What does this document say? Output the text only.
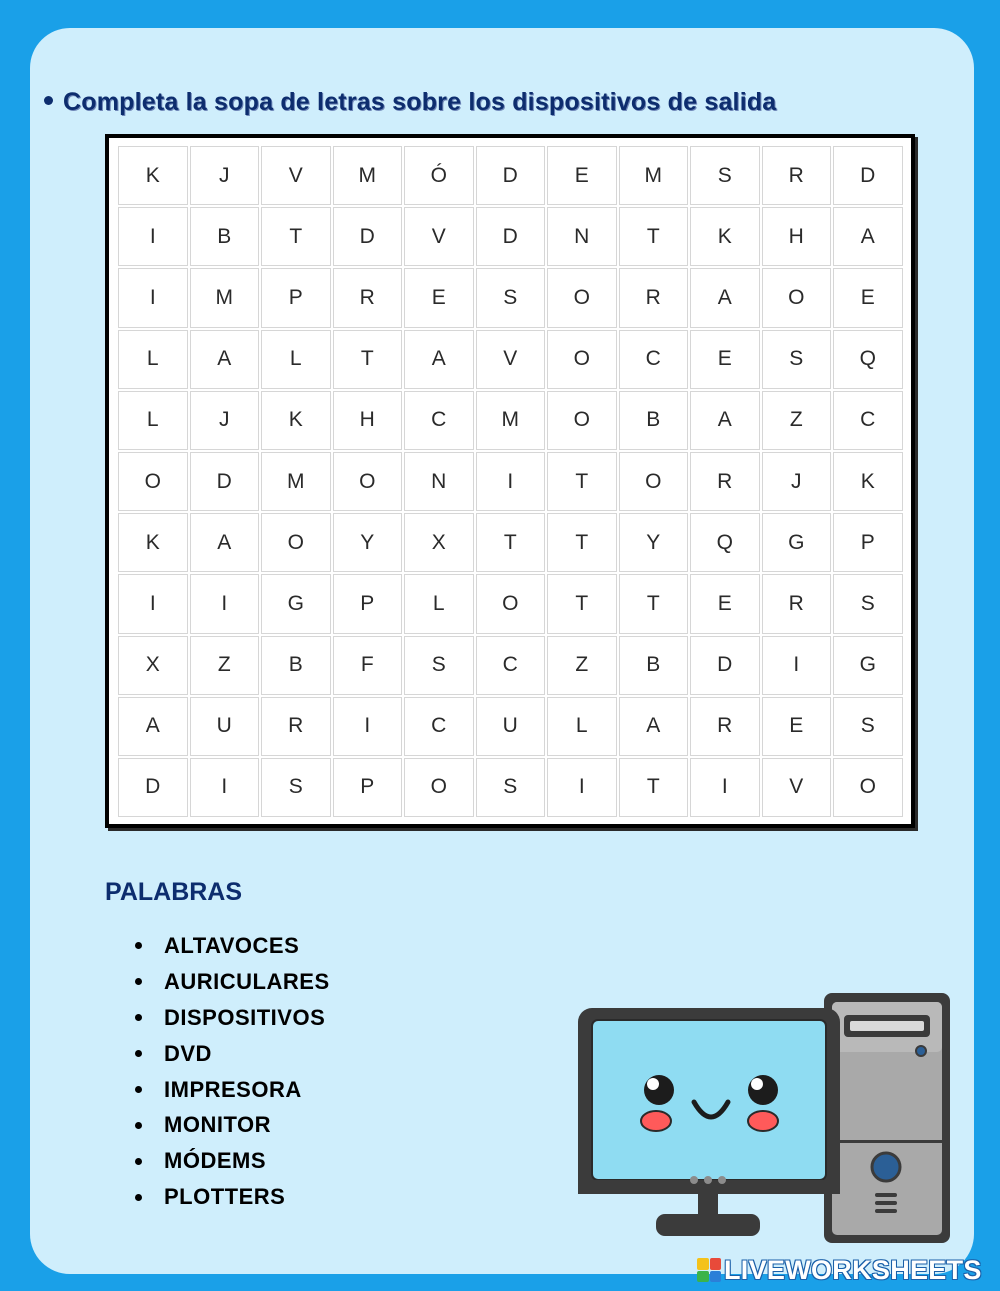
Completa la sopa de letras sobre los dispositivos de salida
K	J	V	M	Ó	D	E	M	S	R	D
I	B	T	D	V	D	N	T	K	H	A
I	M	P	R	E	S	O	R	A	O	E
L	A	L	T	A	V	O	C	E	S	Q
L	J	K	H	C	M	O	B	A	Z	C
O	D	M	O	N	I	T	O	R	J	K
K	A	O	Y	X	T	T	Y	Q	G	P
I	I	G	P	L	O	T	T	E	R	S
X	Z	B	F	S	C	Z	B	D	I	G
A	U	R	I	C	U	L	A	R	E	S
D	I	S	P	O	S	I	T	I	V	O
PALABRAS
ALTAVOCES
AURICULARES
DISPOSITIVOS
DVD
IMPRESORA
MONITOR
MÓDEMS
PLOTTERS
LIVEWORKSHEETS
